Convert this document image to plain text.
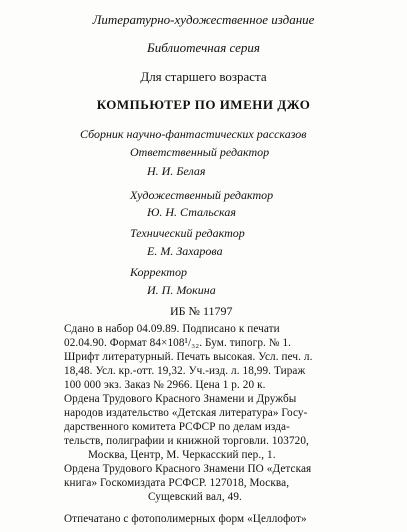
Литературно-художественное издание
Библиотечная серия
Для старшего возраста
КОМПЬЮТЕР ПО ИМЕНИ ДЖО
Сборник научно-фантастических рассказов
Ответственный редактор
Н. И. Белая
Художественный редактор
Ю. Н. Стальская
Технический редактор
Е. М. Захарова
Корректор
И. П. Мокина
ИБ № 11797
Сдано в набор 04.09.89. Подписано к печати
02.04.90. Формат 84×108¹/₃₂. Бум. типогр. № 1.
Шрифт литературный. Печать высокая. Усл. печ. л.
18,48. Усл. кр.-отт. 19,32. Уч.-изд. л. 18,99. Тираж
100 000 экз. Заказ № 2966. Цена 1 р. 20 к.
Ордена Трудового Красного Знамени и Дружбы
народов издательство «Детская литература» Госу-
дарственного комитета РСФСР по делам изда-
тельств, полиграфии и книжной торговли. 103720,
Москва, Центр, М. Черкасский пер., 1.
Ордена Трудового Красного Знамени ПО «Детская
книга» Госкомиздата РСФСР. 127018, Москва,
Сущевский вал, 49.
Отпечатано с фотополимерных форм «Целлофот»
